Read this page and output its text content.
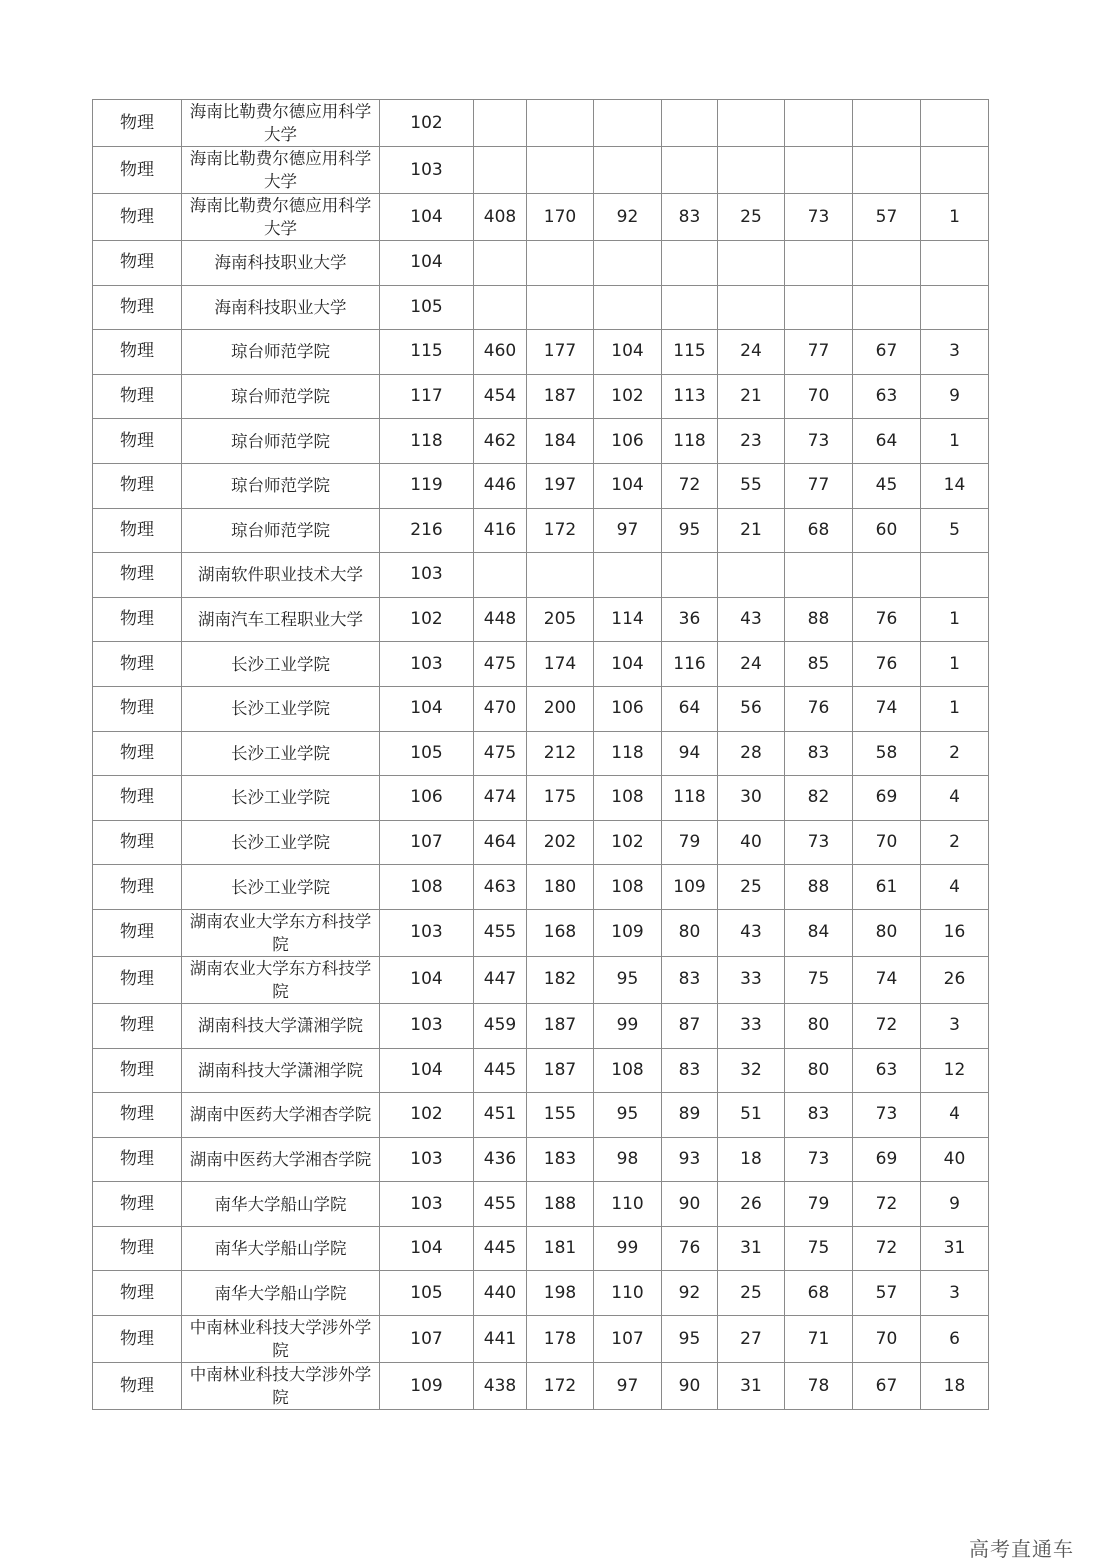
物理	海南比勒费尔德应用科学大学	102								
物理	海南比勒费尔德应用科学大学	103								
物理	海南比勒费尔德应用科学大学	104	408	170	92	83	25	73	57	1
物理	海南科技职业大学	104								
物理	海南科技职业大学	105								
物理	琼台师范学院	115	460	177	104	115	24	77	67	3
物理	琼台师范学院	117	454	187	102	113	21	70	63	9
物理	琼台师范学院	118	462	184	106	118	23	73	64	1
物理	琼台师范学院	119	446	197	104	72	55	77	45	14
物理	琼台师范学院	216	416	172	97	95	21	68	60	5
物理	湖南软件职业技术大学	103								
物理	湖南汽车工程职业大学	102	448	205	114	36	43	88	76	1
物理	长沙工业学院	103	475	174	104	116	24	85	76	1
物理	长沙工业学院	104	470	200	106	64	56	76	74	1
物理	长沙工业学院	105	475	212	118	94	28	83	58	2
物理	长沙工业学院	106	474	175	108	118	30	82	69	4
物理	长沙工业学院	107	464	202	102	79	40	73	70	2
物理	长沙工业学院	108	463	180	108	109	25	88	61	4
物理	湖南农业大学东方科技学院	103	455	168	109	80	43	84	80	16
物理	湖南农业大学东方科技学院	104	447	182	95	83	33	75	74	26
物理	湖南科技大学潇湘学院	103	459	187	99	87	33	80	72	3
物理	湖南科技大学潇湘学院	104	445	187	108	83	32	80	63	12
物理	湖南中医药大学湘杏学院	102	451	155	95	89	51	83	73	4
物理	湖南中医药大学湘杏学院	103	436	183	98	93	18	73	69	40
物理	南华大学船山学院	103	455	188	110	90	26	79	72	9
物理	南华大学船山学院	104	445	181	99	76	31	75	72	31
物理	南华大学船山学院	105	440	198	110	92	25	68	57	3
物理	中南林业科技大学涉外学院	107	441	178	107	95	27	71	70	6
物理	中南林业科技大学涉外学院	109	438	172	97	90	31	78	67	18
高考直通车
